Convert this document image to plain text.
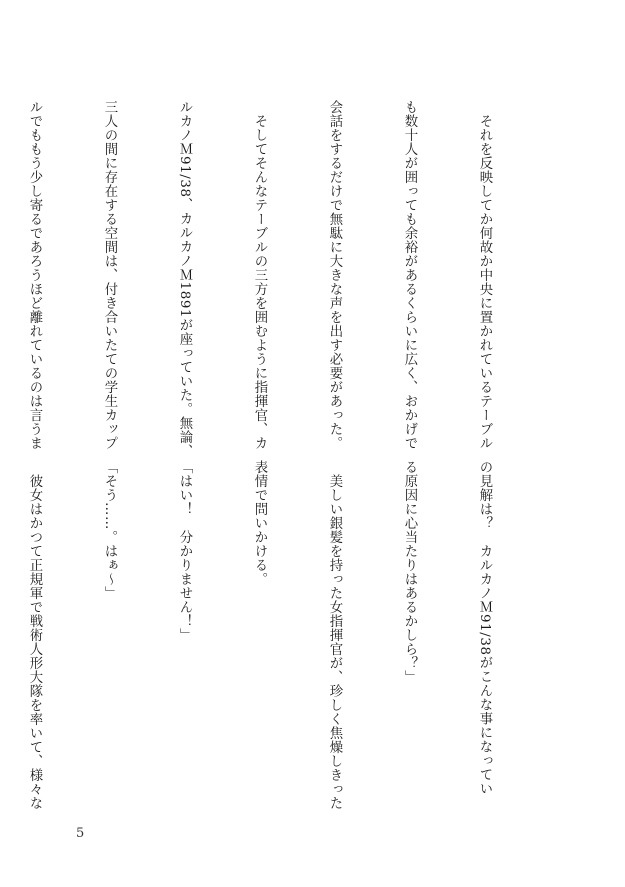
　それを反映してか何故か中央に置かれているテーブル

も数十人が囲っても余裕があるくらいに広く、おかげで

会話をするだけで無駄に大きな声を出す必要があった。

　そしてそんなテーブルの三方を囲むように指揮官、カ

ルカノＭ91/38、カルカノＭ1891が座っていた。無論、

三人の間に存在する空間は、付き合いたての学生カップ

ルでももう少し寄るであろうほど離れているのは言うま

の見解は？　カルカノＭ91/38がこんな事になってい

る原因に心当たりはあるかしら？」

　美しい銀髪を持った女指揮官が、珍しく焦燥しきった

表情で問いかける。

「はい！　分かりません！」

「そう……。はぁ～」

　彼女はかつて正規軍で戦術人形大隊を率いて、様々な

5
